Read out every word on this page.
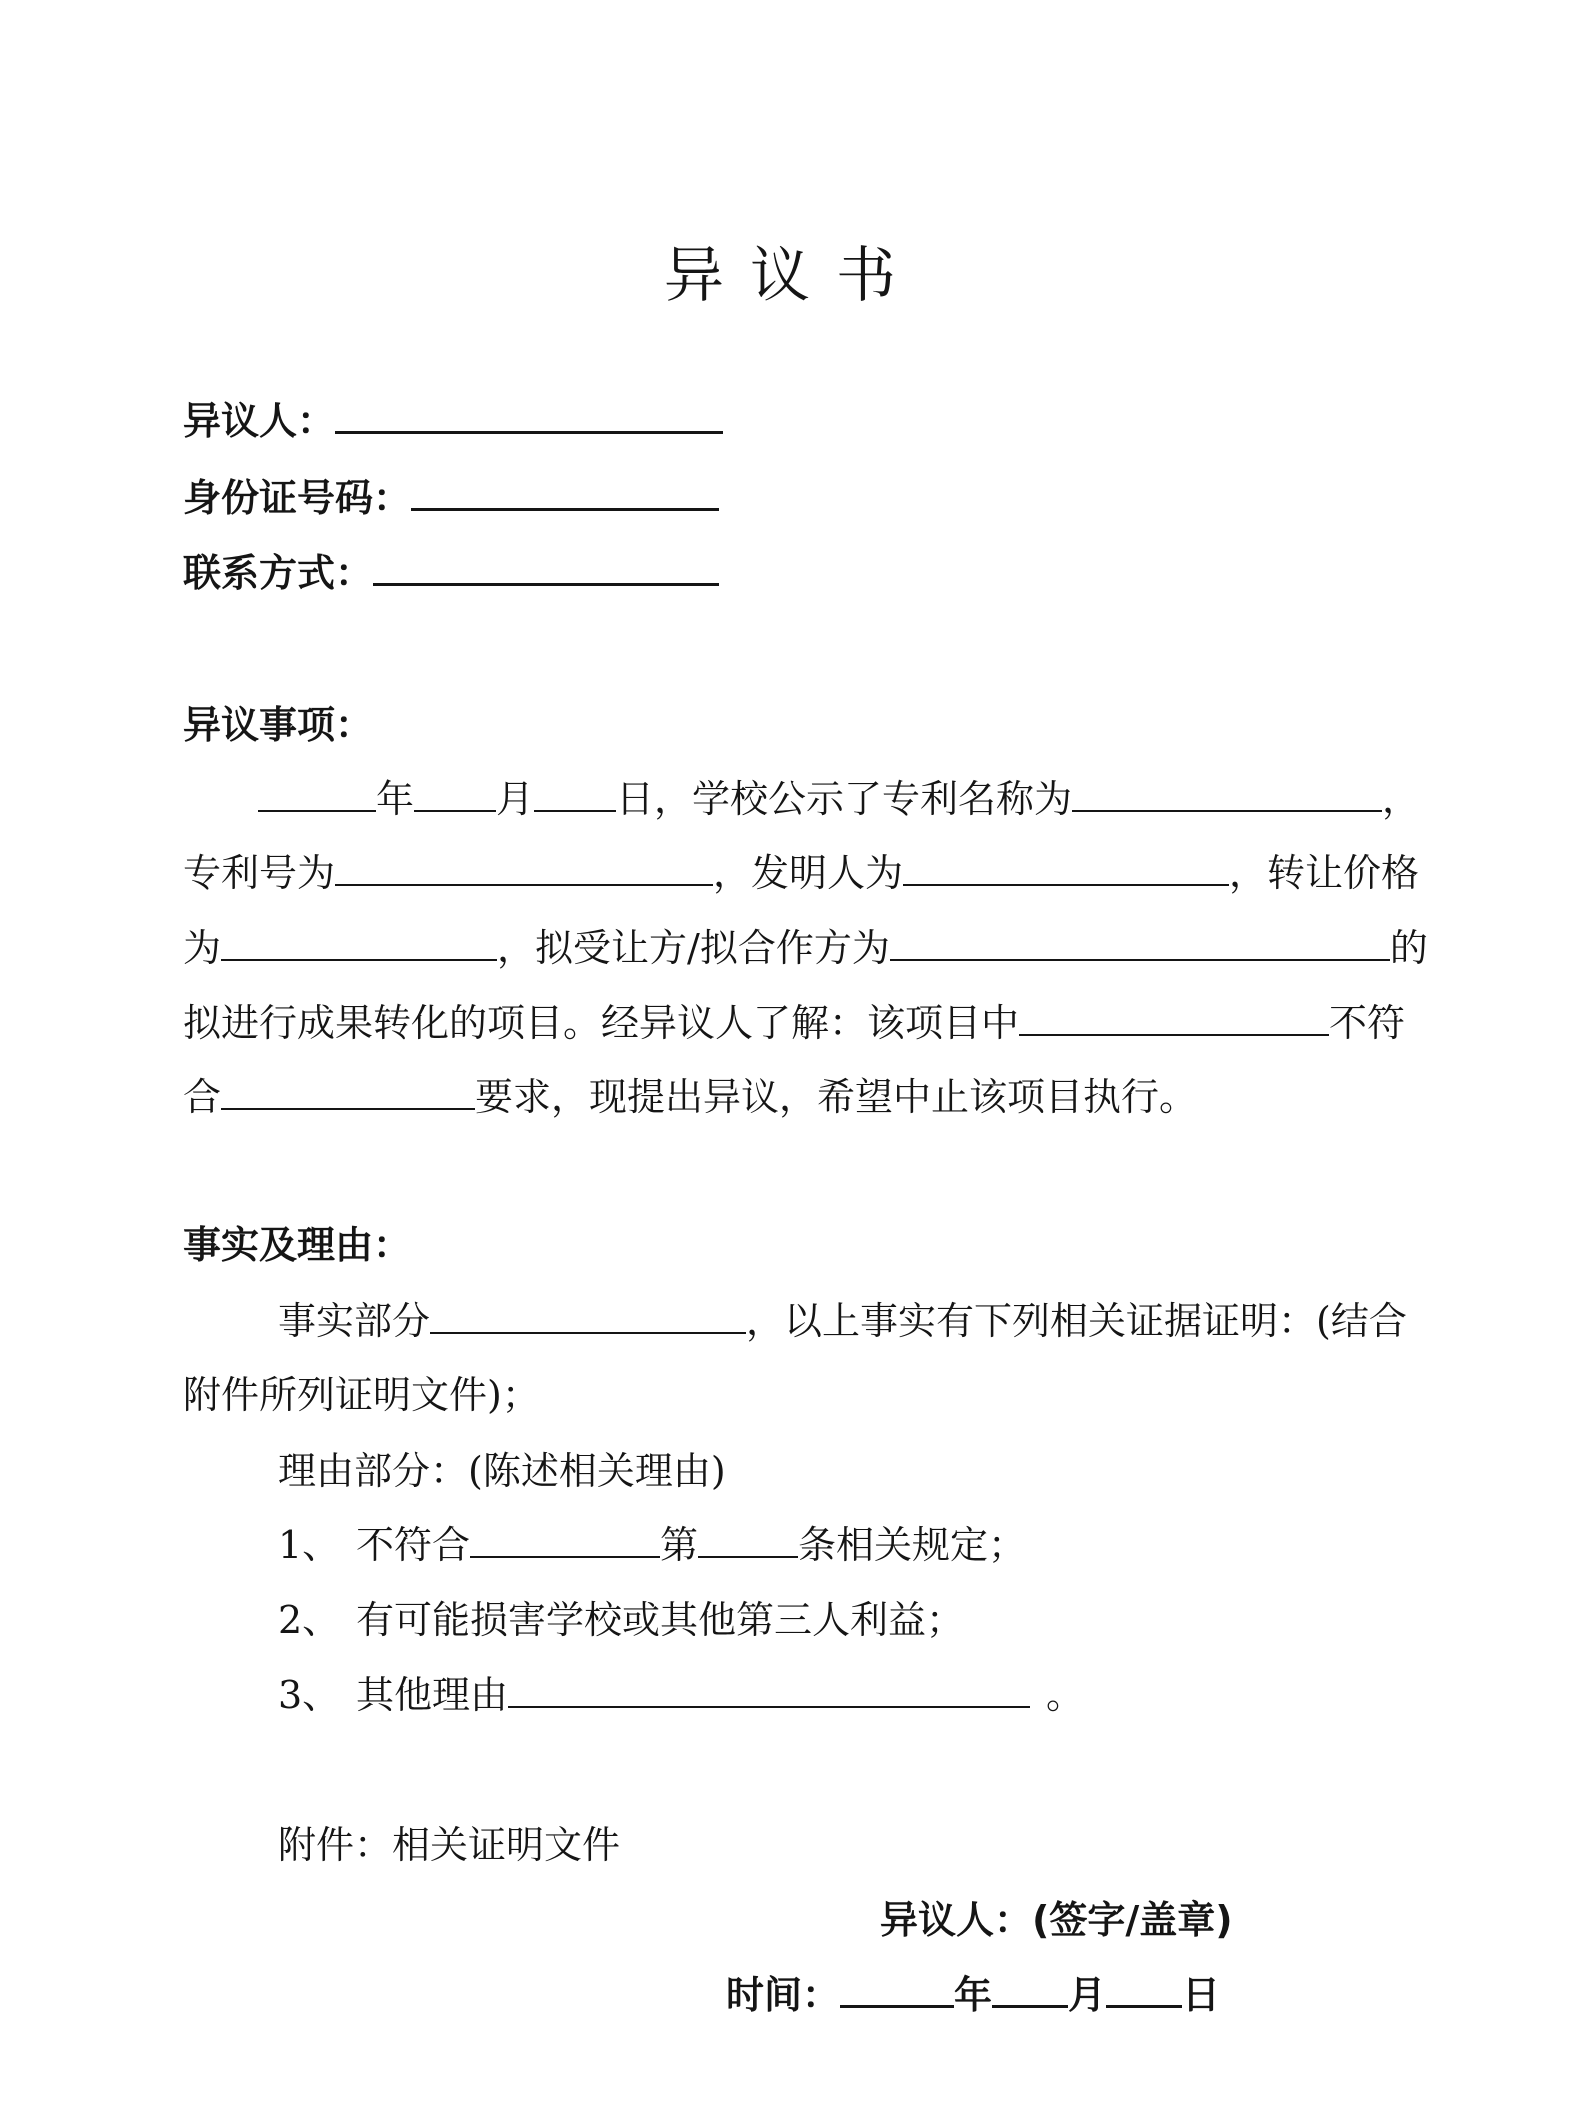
异议书
异议人：
身份证号码：
联系方式：
异议事项：
年 月 日，学校公示了专利名称为	，
专利号为	，发明人为	，转让价格
为	，拟受让方/拟合作方为	的
拟进行成果转化的项目。经异议人了解：该项目中	不符
合	要求，现提出异议，希望中止该项目执行。
事实及理由：
事实部分	，以上事实有下列相关证据证明：(结合
附件所列证明文件)；
理由部分：(陈述相关理由)
1、 不符合	第	条相关规定；
2、 有可能损害学校或其他第三人利益；
3、 其他理由	。
附件：相关证明文件
异议人：(签字/盖章)
时间：	年 月 日
